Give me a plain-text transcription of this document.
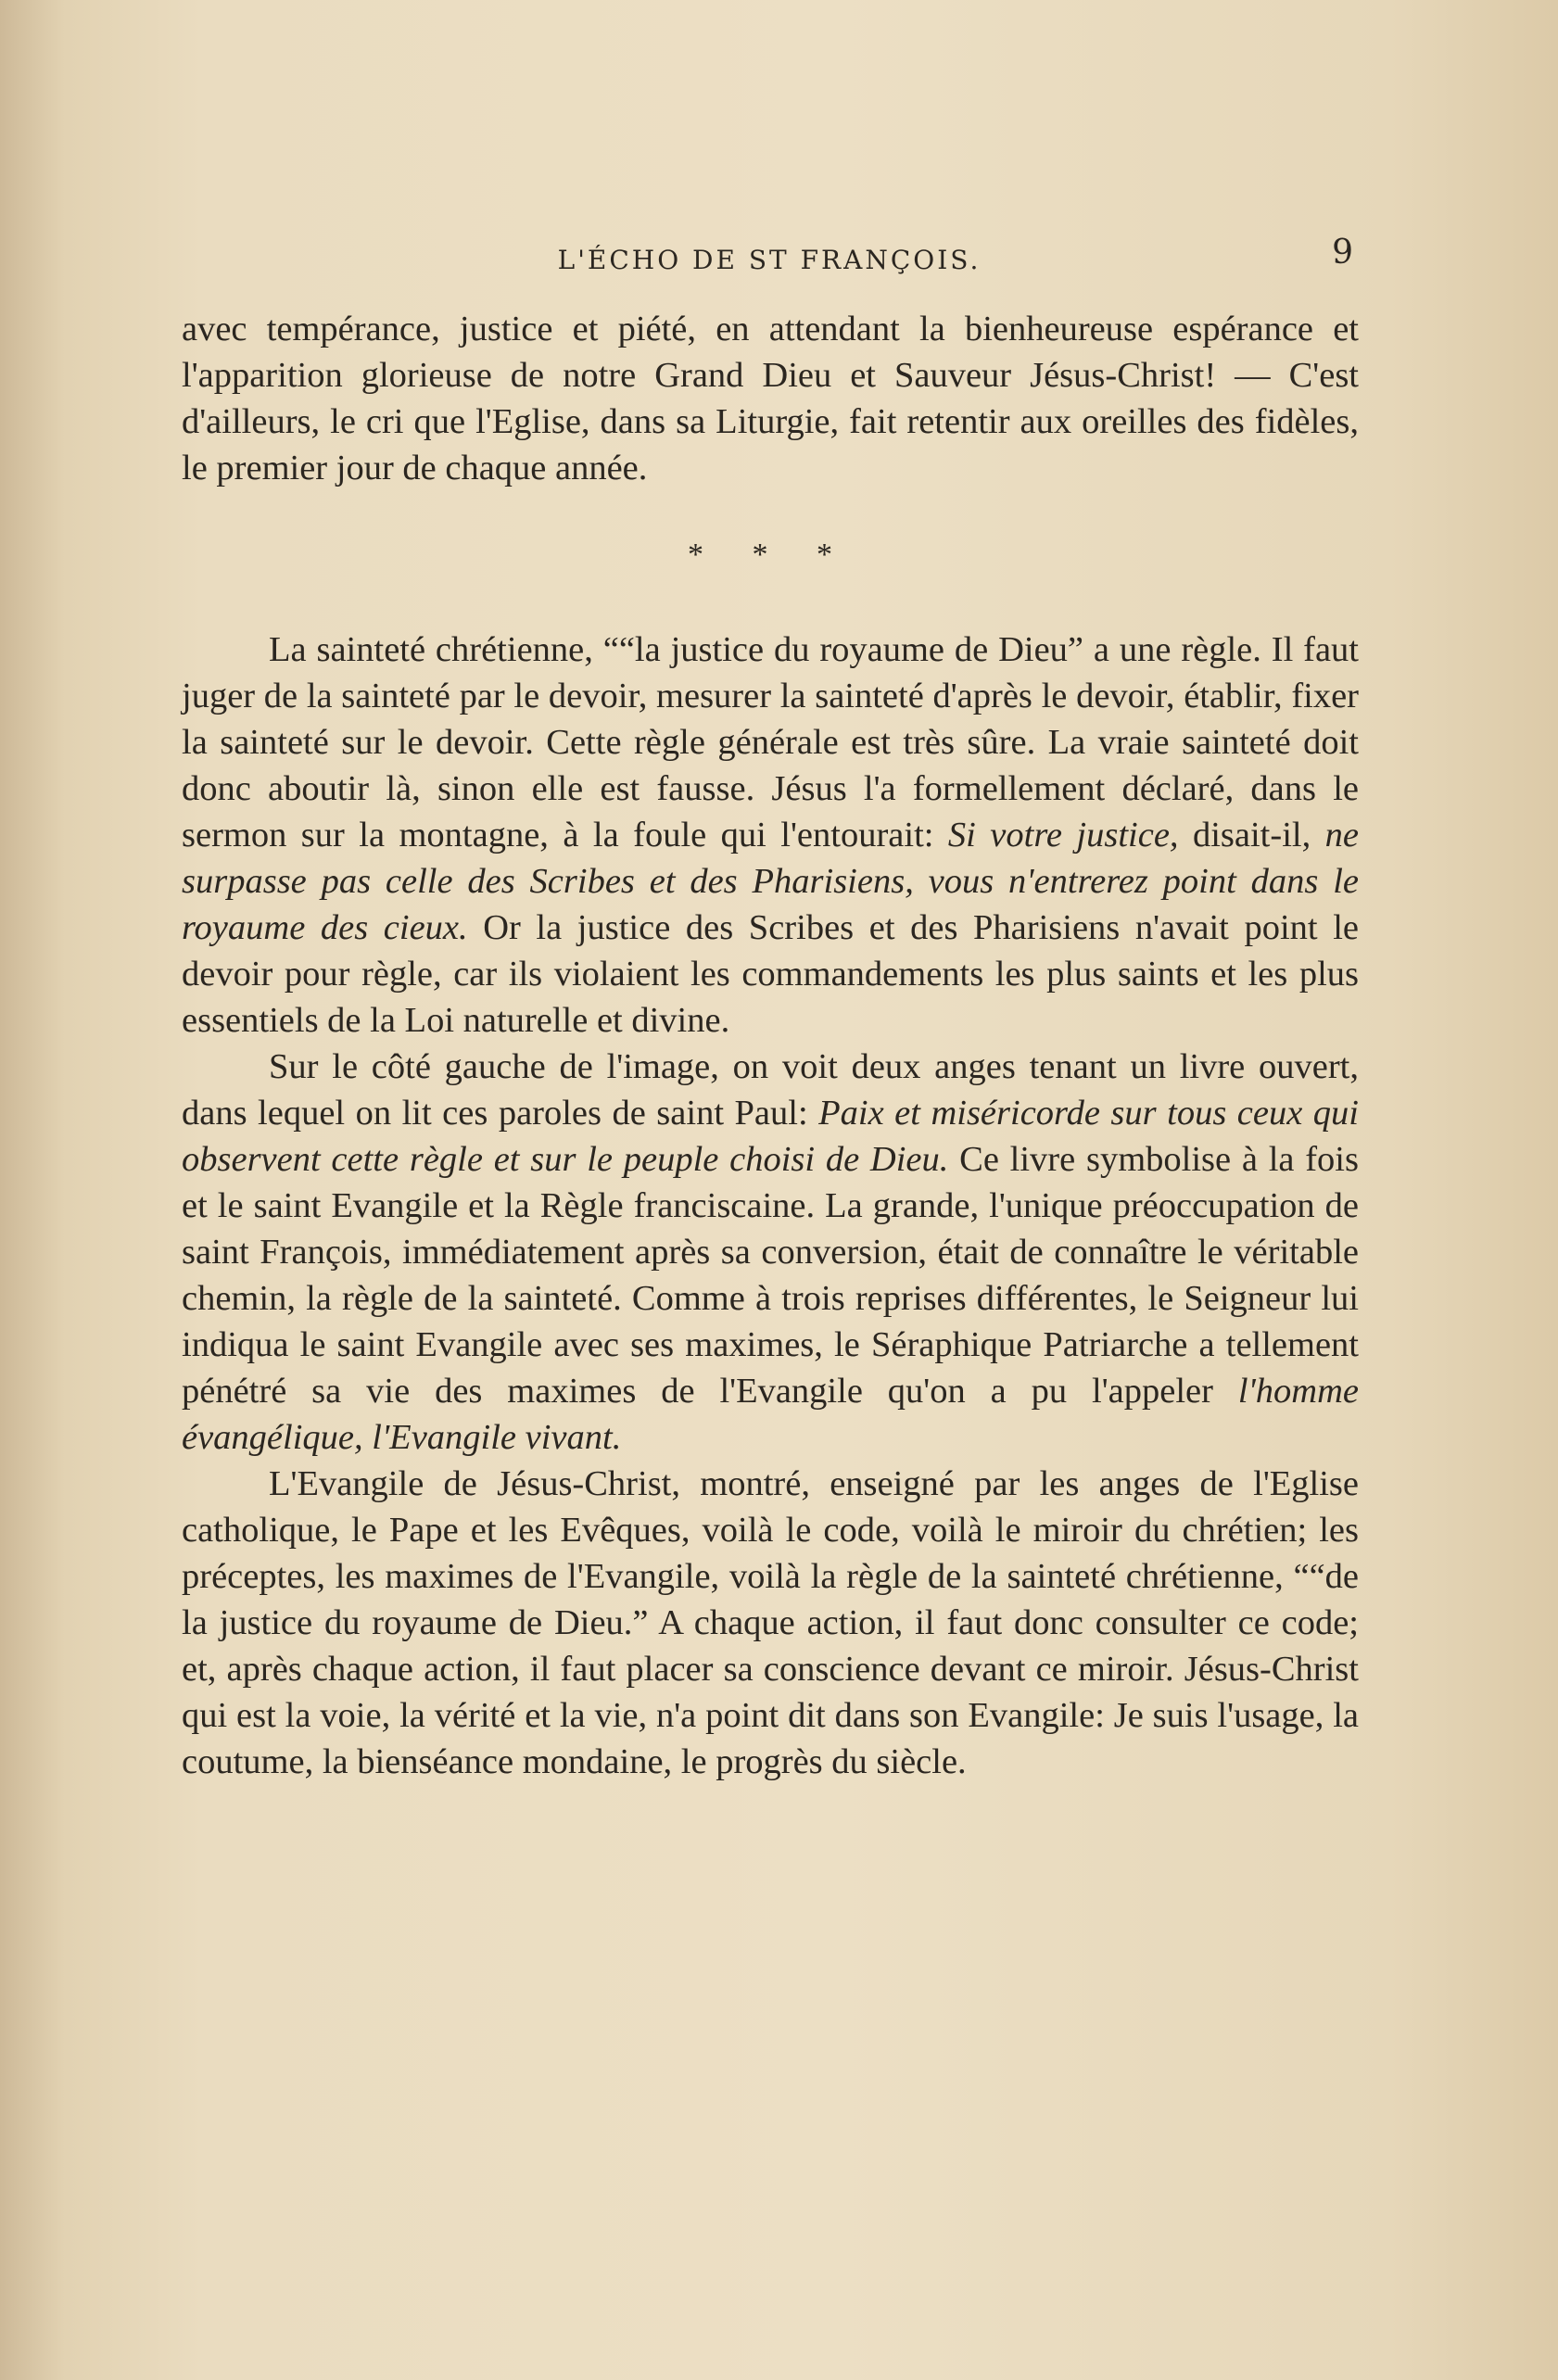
L'ÉCHO DE ST FRANÇOIS.	9

avec tempérance, justice et piété, en attendant la bienheureuse espérance et l'apparition glorieuse de notre Grand Dieu et Sauveur Jésus-Christ! — C'est d'ailleurs, le cri que l'Eglise, dans sa Liturgie, fait retentir aux oreilles des fidèles, le premier jour de chaque année.

* * *

La sainteté chrétienne, ““la justice du royaume de Dieu” a une règle. Il faut juger de la sainteté par le devoir, mesurer la sainteté d'après le devoir, établir, fixer la sainteté sur le devoir. Cette règle générale est très sûre. La vraie sainteté doit donc aboutir là, sinon elle est fausse. Jésus l'a formellement déclaré, dans le sermon sur la montagne, à la foule qui l'entourait: Si votre justice, disait-il, ne surpasse pas celle des Scribes et des Pharisiens, vous n'entrerez point dans le royaume des cieux. Or la justice des Scribes et des Pharisiens n'avait point le devoir pour règle, car ils violaient les commandements les plus saints et les plus essentiels de la Loi naturelle et divine.

Sur le côté gauche de l'image, on voit deux anges tenant un livre ouvert, dans lequel on lit ces paroles de saint Paul: Paix et miséricorde sur tous ceux qui observent cette règle et sur le peuple choisi de Dieu. Ce livre symbolise à la fois et le saint Evangile et la Règle franciscaine. La grande, l'unique préoccupation de saint François, immédiatement après sa conversion, était de connaître le véritable chemin, la règle de la sainteté. Comme à trois reprises différentes, le Seigneur lui indiqua le saint Evangile avec ses maximes, le Séraphique Patriarche a tellement pénétré sa vie des maximes de l'Evangile qu'on a pu l'appeler l'homme évangélique, l'Evangile vivant.

L'Evangile de Jésus-Christ, montré, enseigné par les anges de l'Eglise catholique, le Pape et les Evêques, voilà le code, voilà le miroir du chrétien; les préceptes, les maximes de l'Evangile, voilà la règle de la sainteté chrétienne, ““de la justice du royaume de Dieu.” A chaque action, il faut donc consulter ce code; et, après chaque action, il faut placer sa conscience devant ce miroir. Jésus-Christ qui est la voie, la vérité et la vie, n'a point dit dans son Evangile: Je suis l'usage, la coutume, la bienséance mondaine, le progrès du siècle.
